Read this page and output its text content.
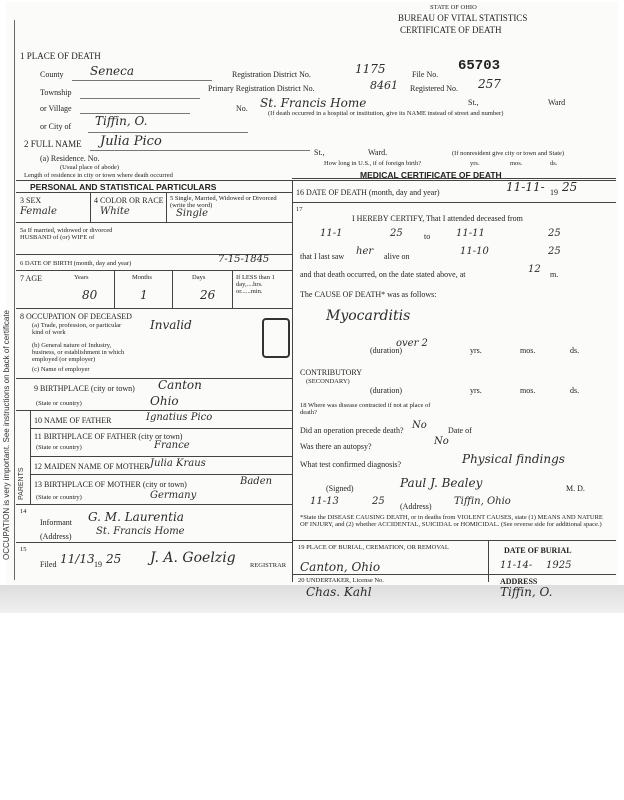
OCCUPATION is very important. See instructions on back of certificate
STATE OF OHIO
BUREAU OF VITAL STATISTICS
CERTIFICATE OF DEATH
1 PLACE OF DEATH
County Seneca	Registration District No.	1175	File No.
65703
Township	Primary Registration District No.	8461 Registered No. 257
or Village	No. St. Francis Home	St.,	Ward
(If death occurred in a hospital or institution, give its NAME instead of street and number)
or City of Tiffin, O.
2 FULL NAME Julia Pico
(a) Residence. No.
(Usual place of abode)
St.,	Ward.	(If nonresident give city or town and State)
Length of residence in city or town where death occurred
How long in U.S., if of foreign birth?	yrs.	mos.	ds.
PERSONAL AND STATISTICAL PARTICULARS
3 SEX
Female
4 COLOR OR RACE
White
5 Single, Married, Widowed or Divorced (write the word)
Single
5a If married, widowed or divorced HUSBAND of (or) WIFE of
6 DATE OF BIRTH (month, day and year)	7-15-1845
7 AGE	Years	Months	Days
80	1	26
If LESS than 1 day,....hrs. or......min.
8 OCCUPATION OF DECEASED
(a) Trade, profession, or particular kind of work
Invalid
(b) General nature of Industry, business, or establishment in which employed (or employer)
(c) Name of employer
9 BIRTHPLACE (city or town) Canton
(State or country)	Ohio
10 NAME OF FATHER	Ignatius Pico
11 BIRTHPLACE OF FATHER (city or town)
(State or country)	France
12 MAIDEN NAME OF MOTHER Julia Kraus
13 BIRTHPLACE OF MOTHER (city or town)	Baden
(State or country)	Germany
PARENTS
14
Informant G. M. Laurentia
(Address) St. Francis Home
15
Filed 11/13 19 25 J. A. Goelzig REGISTRAR
MEDICAL CERTIFICATE OF DEATH
16 DATE OF DEATH (month, day and year)	11-11- 19 25
17
I HEREBY CERTIFY, That I attended deceased from
11-1	25	to	11-11	25
that I last saw her alive on	11-10	25
and that death occurred, on the date stated above, at	12 m.
The CAUSE OF DEATH* was as follows:
Myocarditis
over 2
(duration)	yrs.	mos.	ds.
CONTRIBUTORY
(SECONDARY)
(duration)	yrs.	mos.	ds.
18 Where was disease contracted if not at place of death?
Did an operation precede death? No	Date of
Was there an autopsy?	No
What test confirmed diagnosis?	Physical findings
(Signed)	Paul J. Bealey	M. D.
11-13	25 (Address) Tiffin, Ohio
*State the DISEASE CAUSING DEATH, or in deaths from VIOLENT CAUSES, state (1) MEANS AND NATURE OF INJURY, and (2) whether ACCIDENTAL, SUICIDAL or HOMICIDAL. (See reverse side for additional space.)
19 PLACE OF BURIAL, CREMATION, OR REMOVAL
Canton, Ohio
DATE OF BURIAL
11-14- 1925
20 UNDERTAKER, License No.
Chas. Kahl
ADDRESS
Tiffin, O.
